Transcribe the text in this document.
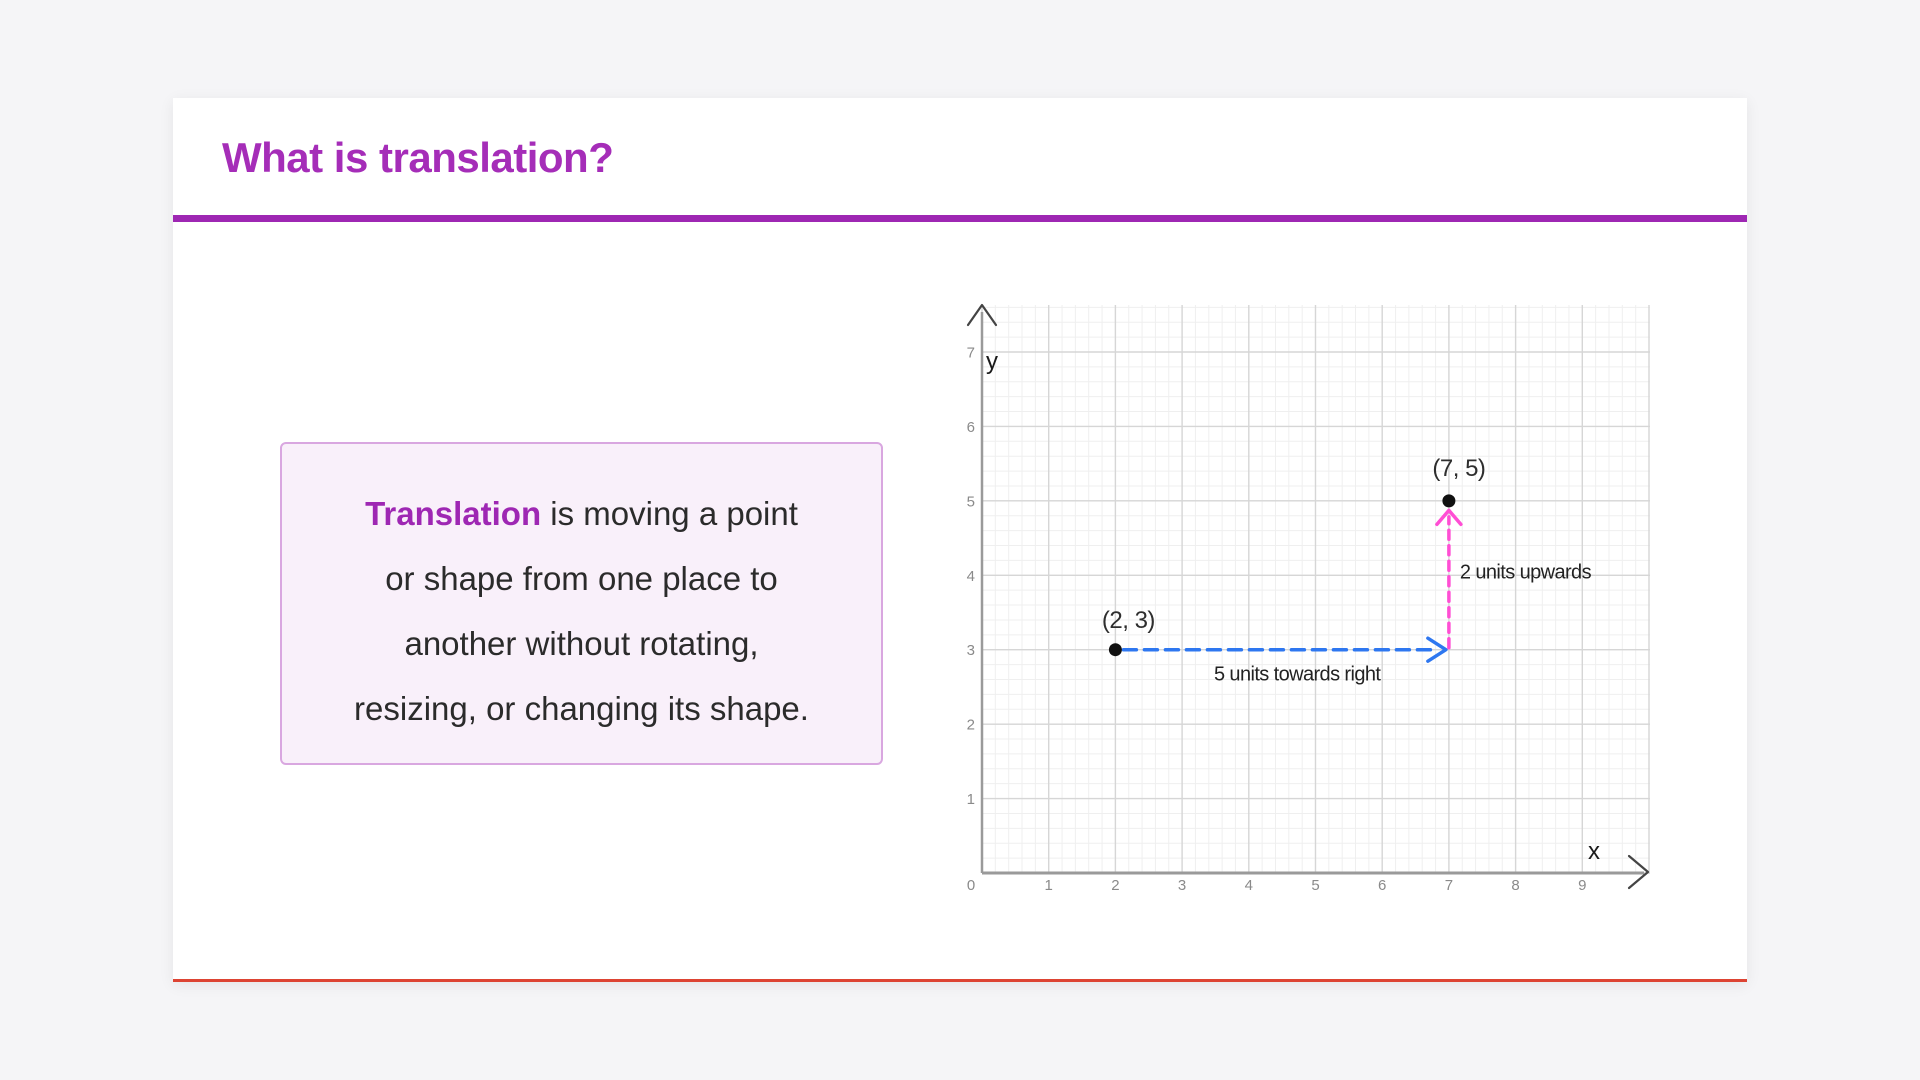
What is translation?
Translation is moving a point
or shape from one place to
another without rotating,
resizing, or changing its shape.
0	1	2	3	4	5	6	7	8	9
1
2
3
4
5
6
7
x
y
(2, 3)
(7, 5)
5 units towards right
2 units upwards
